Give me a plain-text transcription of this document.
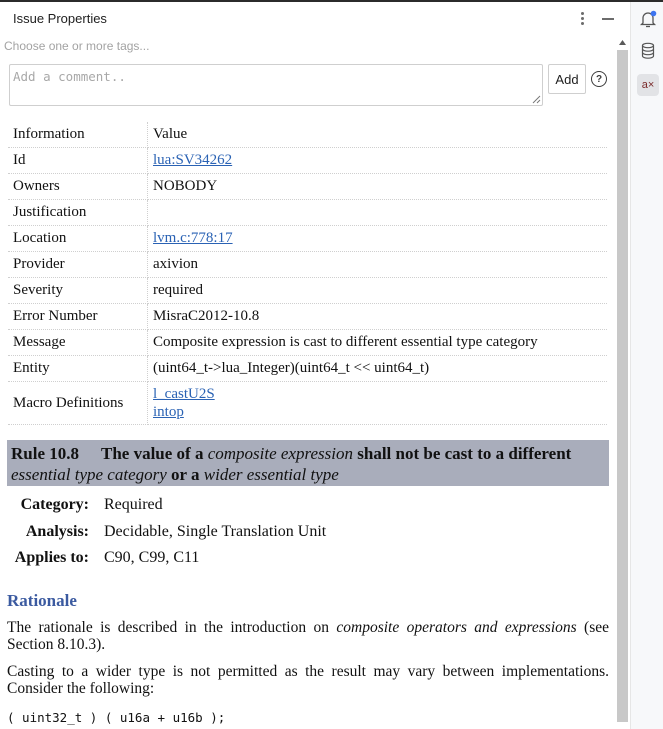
Issue Properties
Choose one or more tags...
Add a comment..	Add	?
Information	Value
Id	lua:SV34262
Owners	NOBODY
Justification	
Location	lvm.c:778:17
Provider	axivion
Severity	required
Error Number	MisraC2012-10.8
Message	Composite expression is cast to different essential type category
Entity	(uint64_t->lua_Integer)(uint64_t << uint64_t)
Macro Definitions	l_castU2S
intop
Rule 10.8 The value of a composite expression shall not be cast to a different
essential type category or a wider essential type
Category: Required
Analysis: Decidable, Single Translation Unit
Applies to: C90, C99, C11
Rationale
The rationale is described in the introduction on composite operators and expressions (see Section 8.10.3).
Casting to a wider type is not permitted as the result may vary between implementations. Consider the following:
( uint32_t ) ( u16a + u16b );
a×
